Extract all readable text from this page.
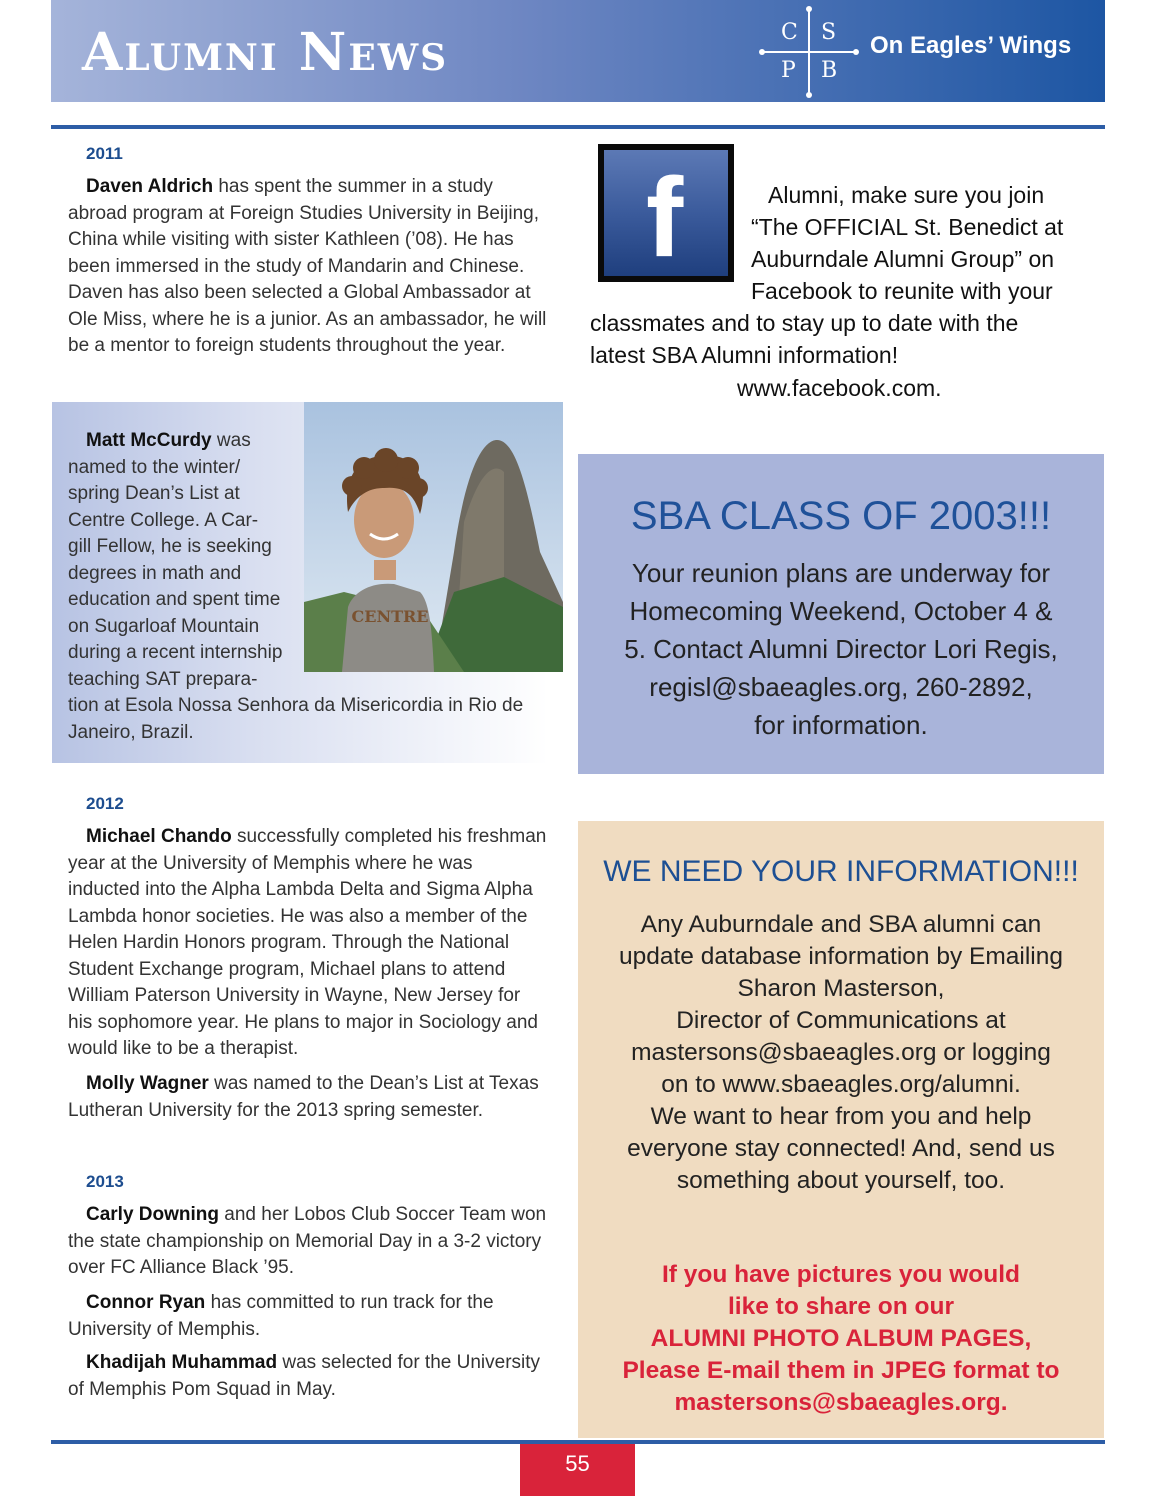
Alumni News	C S
P B
On Eagles’ Wings
2011

Daven Aldrich has spent the summer in a study abroad program at Foreign Studies University in Beijing, China while visiting with sister Kathleen (’08). He has been immersed in the study of Mandarin and Chinese. Daven has also been selected a Global Ambassador at Ole Miss, where he is a junior. As an ambassador, he will be a mentor to foreign students throughout the year.

CENTRE
Matt McCurdy was
named to the winter/
spring Dean’s List at
Centre College. A Car-
gill Fellow, he is seeking
degrees in math and
education and spent time
on Sugarloaf Mountain
during a recent internship
teaching SAT prepara-
tion at Esola Nossa Senhora da Misericordia in Rio de
Janeiro, Brazil.
2012

Michael Chando successfully completed his freshman year at the University of Memphis where he was inducted into the Alpha Lambda Delta and Sigma Alpha Lambda honor societies. He was also a member of the Helen Hardin Honors program. Through the National Student Exchange program, Michael plans to attend William Paterson University in Wayne, New Jersey for his sophomore year. He plans to major in Sociology and would like to be a therapist.

Molly Wagner was named to the Dean’s List at Texas Lutheran University for the 2013 spring semester.

2013

Carly Downing and her Lobos Club Soccer Team won the state championship on Memorial Day in a 3-2 victory over FC Alliance Black ’95.

Connor Ryan has committed to run track for the University of Memphis.

Khadijah Muhammad was selected for the University of Memphis Pom Squad in May.

f	Alumni, make sure you join
“The OFFICIAL St. Benedict at
Auburndale Alumni Group” on
Facebook to reunite with your
classmates and to stay up to date with the
latest SBA Alumni information!
www.facebook.com.
SBA CLASS OF 2003!!!
Your reunion plans are underway for
Homecoming Weekend, October 4 &
5. Contact Alumni Director Lori Regis,
regisl@sbaeagles.org, 260-2892,
for information.
WE NEED YOUR INFORMATION!!!
Any Auburndale and SBA alumni can
update database information by Emailing
Sharon Masterson,
Director of Communications at
mastersons@sbaeagles.org or logging
on to www.sbaeagles.org/alumni.
We want to hear from you and help
everyone stay connected! And, send us
something about yourself, too.
If you have pictures you would
like to share on our
ALUMNI PHOTO ALBUM PAGES,
Please E-mail them in JPEG format to
mastersons@sbaeagles.org.
55
